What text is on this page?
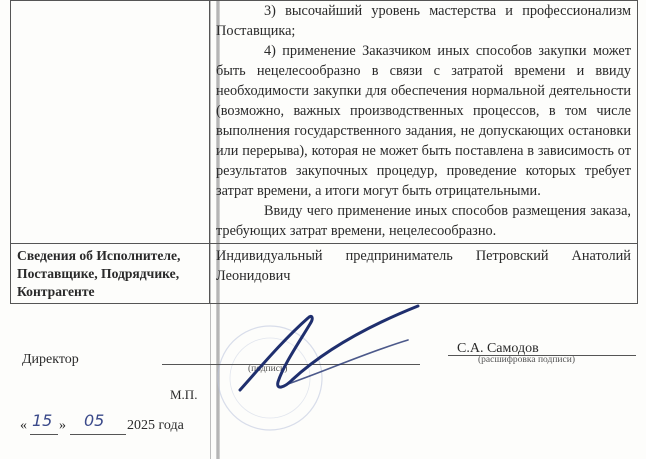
	3) высочайший уровень мастерства и профессионализм Поставщика;

4) применение Заказчиком иных способов закупки может быть нецелесообразно в связи с затратой времени и ввиду необходимости закупки для обеспечения нормальной деятельности (возможно, важных производственных процессов, в том числе выполнения государственного задания, не допускающих остановки или перерыва), которая не может быть поставлена в зависимость от результатов закупочных процедур, проведение которых требует затрат времени, а итоги могут быть отрицательными.

Ввиду чего применение иных способов размещения заказа, требующих затрат времени, нецелесообразно.

Сведения об Исполнителе, Поставщике, Подрядчике, Контрагенте	Индивидуальный предприниматель Петровский Анатолий
Леонидович
Директор
(подпись)
С.А. Самодов
(расшифровка подписи)
М.П.
« 15 » 05 2025 года
